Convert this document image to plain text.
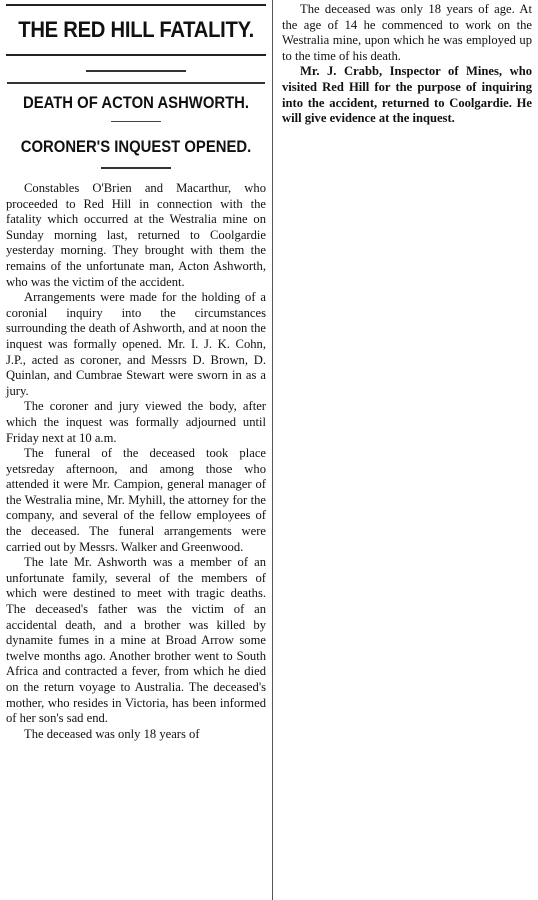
THE RED HILL FATALITY.
DEATH OF ACTON ASHWORTH.
CORONER'S INQUEST OPENED.

Constables O'Brien and Macarthur, who proceeded to Red Hill in connection with the fatality which occurred at the Westralia mine on Sunday morning last, returned to Coolgardie yesterday morning. They brought with them the remains of the unfortunate man, Acton Ashworth, who was the victim of the accident.

Arrangements were made for the holding of a coronial inquiry into the circumstances surrounding the death of Ashworth, and at noon the inquest was formally opened. Mr. I. J. K. Cohn, J.P., acted as coroner, and Messrs D. Brown, D. Quinlan, and Cumbrae Stewart were sworn in as a jury.

The coroner and jury viewed the body, after which the inquest was formally adjourned until Friday next at 10 a.m.

The funeral of the deceased took place yetsreday afternoon, and among those who attended it were Mr. Campion, general manager of the Westralia mine, Mr. Myhill, the attorney for the company, and several of the fellow employees of the deceased. The funeral arrangements were carried out by Messrs. Walker and Greenwood.

The late Mr. Ashworth was a member of an unfortunate family, several of the members of which were destined to meet with tragic deaths. The deceased's father was the victim of an accidental death, and a brother was killed by dynamite fumes in a mine at Broad Arrow some twelve months ago. Another brother went to South Africa and contracted a fever, from which he died on the return voyage to Australia. The deceased's mother, who resides in Victoria, has been informed of her son's sad end.

The deceased was only 18 years of

The deceased was only 18 years of age. At the age of 14 he commenced to work on the Westralia mine, upon which he was employed up to the time of his death.

Mr. J. Crabb, Inspector of Mines, who visited Red Hill for the purpose of inquiring into the accident, returned to Coolgardie. He will give evidence at the inquest.
